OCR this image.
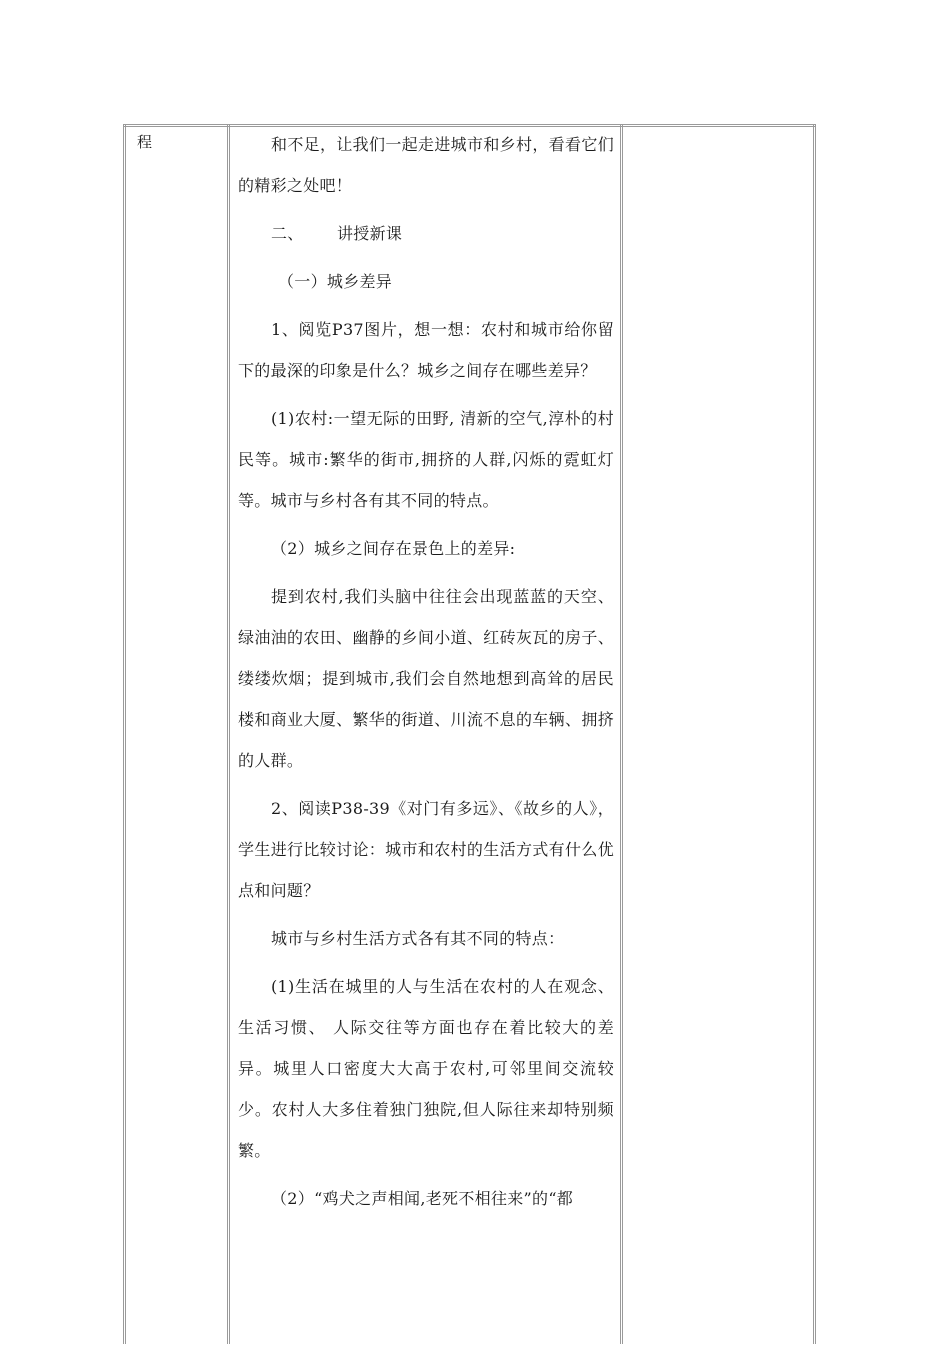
程	和不足，让我们一起走进城市和乡村，看看它们的精彩之处吧！

二、 讲授新课

（一）城乡差异

1、阅览P37图片，想一想：农村和城市给你留下的最深的印象是什么？城乡之间存在哪些差异？

(1)农村:一望无际的田野, 清新的空气,淳朴的村民等。城市:繁华的街市,拥挤的人群,闪烁的霓虹灯等。城市与乡村各有其不同的特点。

（2）城乡之间存在景色上的差异:

提到农村,我们头脑中往往会出现蓝蓝的天空、绿油油的农田、幽静的乡间小道、红砖灰瓦的房子、缕缕炊烟；提到城市,我们会自然地想到高耸的居民楼和商业大厦、繁华的街道、川流不息的车辆、拥挤的人群。

2、阅读P38-39《对门有多远》、《故乡的人》，学生进行比较讨论：城市和农村的生活方式有什么优点和问题？

城市与乡村生活方式各有其不同的特点：

(1)生活在城里的人与生活在农村的人在观念、生活习惯、 人际交往等方面也存在着比较大的差异。城里人口密度大大高于农村,可邻里间交流较少。农村人大多住着独门独院,但人际往来却特别频繁。

（2）“鸡犬之声相闻,老死不相往来”的“都
